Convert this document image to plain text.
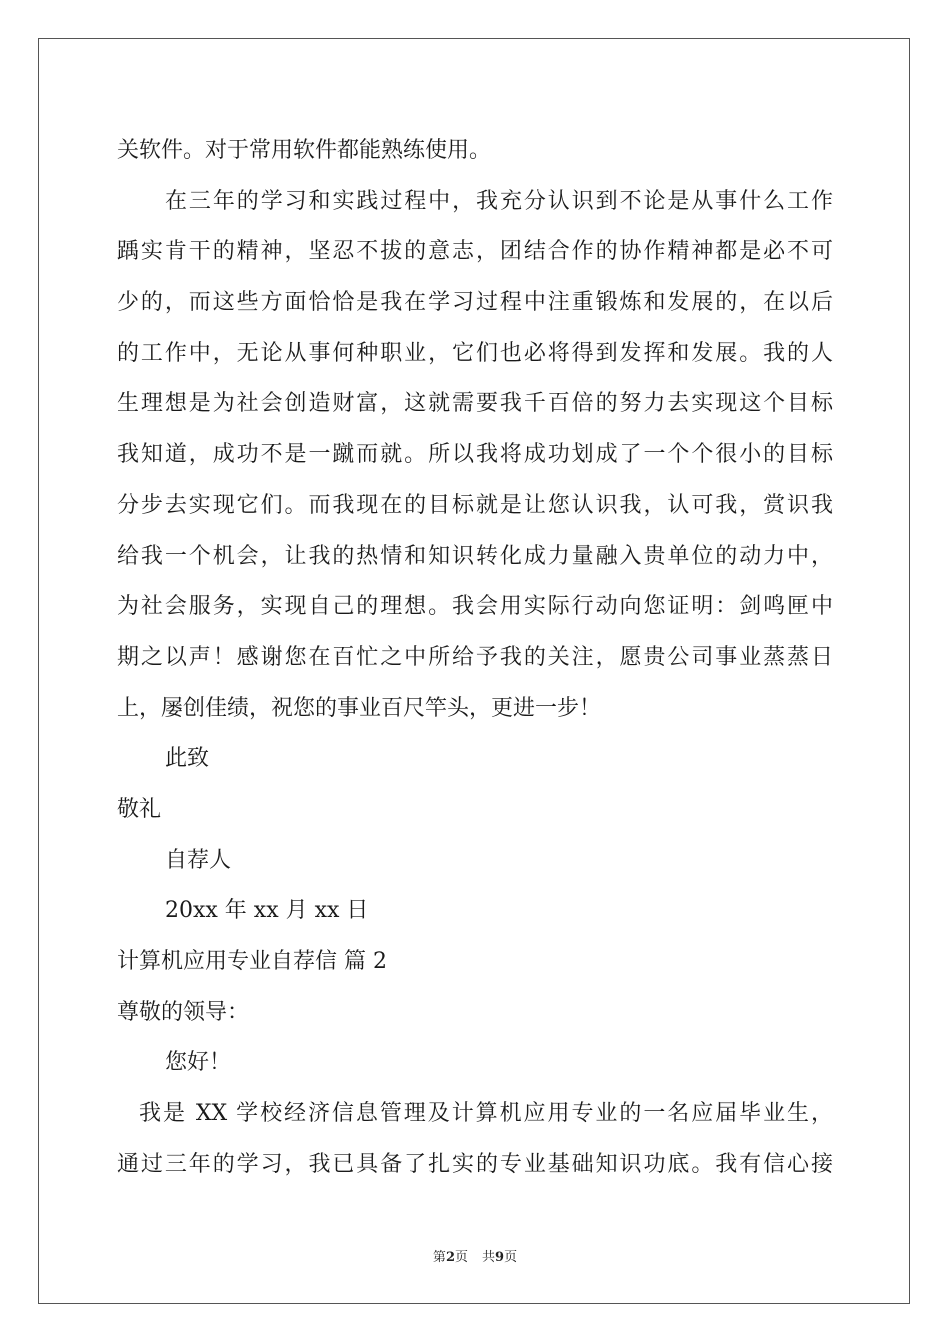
关软件。对于常用软件都能熟练使用。
在三年的学习和实践过程中，我充分认识到不论是从事什么工作
踽实肯干的精神，坚忍不拔的意志，团结合作的协作精神都是必不可
少的，而这些方面恰恰是我在学习过程中注重锻炼和发展的，在以后
的工作中，无论从事何种职业，它们也必将得到发挥和发展。我的人
生理想是为社会创造财富，这就需要我千百倍的努力去实现这个目标
我知道，成功不是一蹴而就。所以我将成功划成了一个个很小的目标
分步去实现它们。而我现在的目标就是让您认识我，认可我，赏识我
给我一个机会，让我的热情和知识转化成力量融入贵单位的动力中，
为社会服务，实现自己的理想。我会用实际行动向您证明：剑鸣匣中
期之以声！感谢您在百忙之中所给予我的关注，愿贵公司事业蒸蒸日
上，屡创佳绩，祝您的事业百尺竿头，更进一步！
此致
敬礼
自荐人
20xx 年 xx 月 xx 日
计算机应用专业自荐信 篇 2
尊敬的领导：
您好！
我是 XX 学校经济信息管理及计算机应用专业的一名应届毕业生，
通过三年的学习，我已具备了扎实的专业基础知识功底。我有信心接
第2页 共9页
